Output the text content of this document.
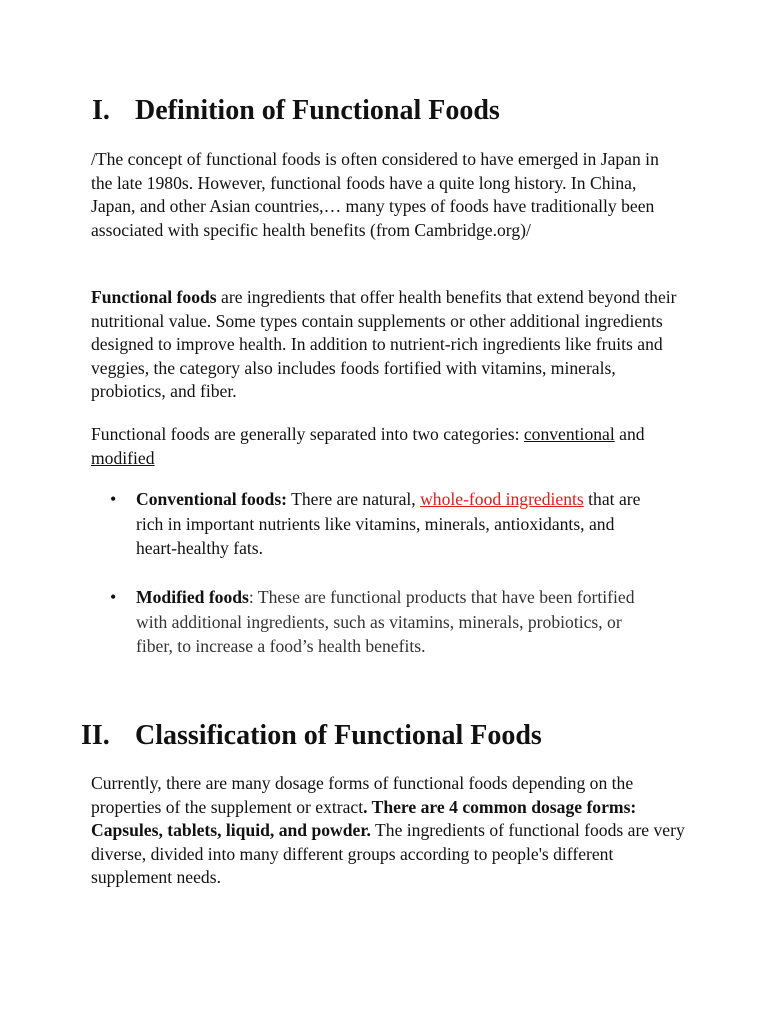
I. Definition of Functional Foods

/The concept of functional foods is often considered to have emerged in Japan in the late 1980s. However, functional foods have a quite long history. In China, Japan, and other Asian countries,… many types of foods have traditionally been associated with specific health benefits (from Cambridge.org)/

Functional foods are ingredients that offer health benefits that extend beyond their nutritional value. Some types contain supplements or other additional ingredients designed to improve health. In addition to nutrient-rich ingredients like fruits and veggies, the category also includes foods fortified with vitamins, minerals, probiotics, and fiber.

Functional foods are generally separated into two categories: conventional and modified

• Conventional foods: There are natural, whole-food ingredients that are rich in important nutrients like vitamins, minerals, antioxidants, and heart-healthy fats.
• Modified foods: These are functional products that have been fortified with additional ingredients, such as vitamins, minerals, probiotics, or fiber, to increase a food’s health benefits.
II. Classification of Functional Foods

Currently, there are many dosage forms of functional foods depending on the properties of the supplement or extract. There are 4 common dosage forms: Capsules, tablets, liquid, and powder. The ingredients of functional foods are very diverse, divided into many different groups according to people's different supplement needs.
